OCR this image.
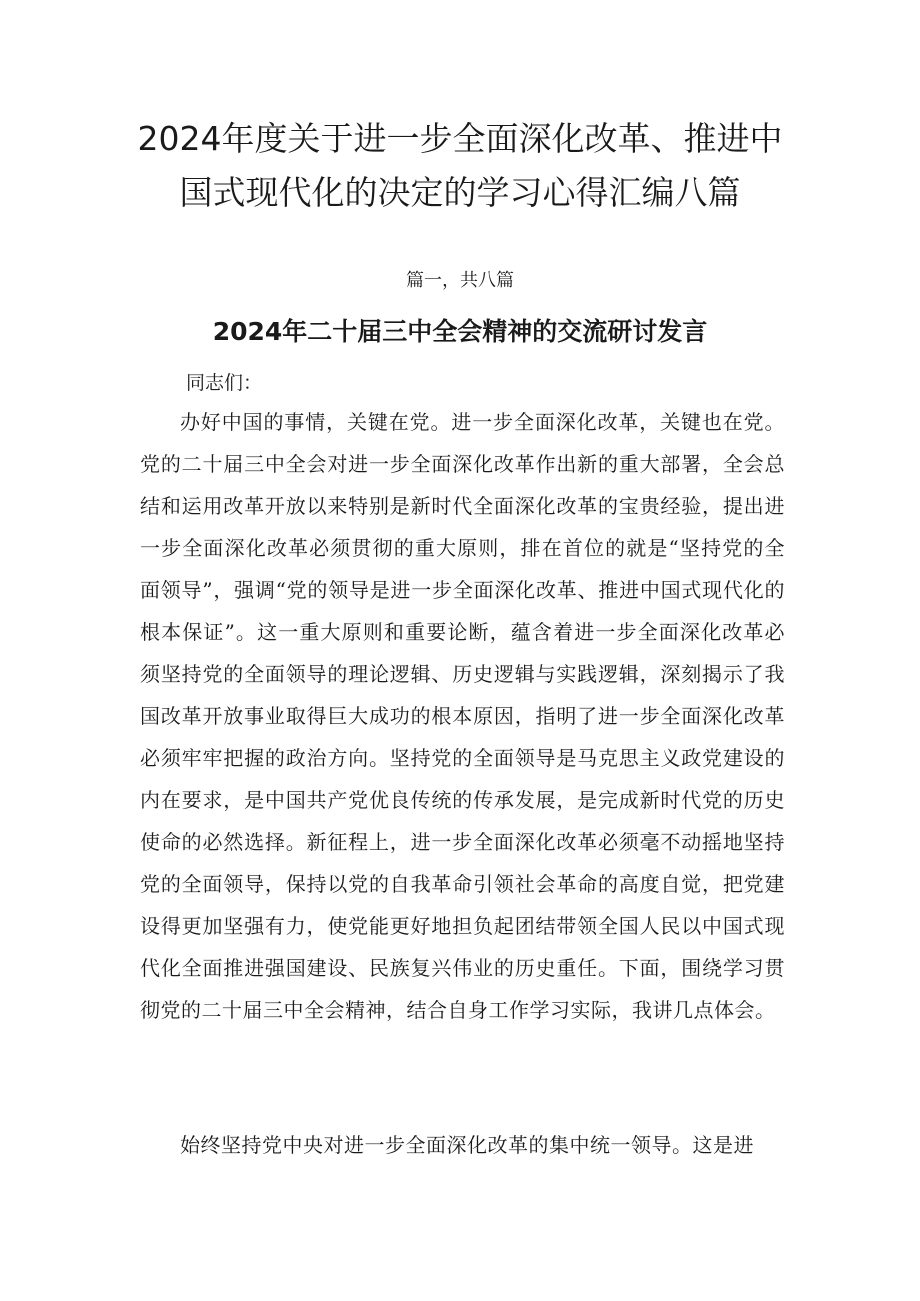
2024年度关于进一步全面深化改革、推进中
国式现代化的决定的学习心得汇编八篇
篇一，共八篇
2024年二十届三中全会精神的交流研讨发言
同志们：

办好中国的事情，关键在党。进一步全面深化改革，关键也在党。党的二十届三中全会对进一步全面深化改革作出新的重大部署，全会总结和运用改革开放以来特别是新时代全面深化改革的宝贵经验，提出进一步全面深化改革必须贯彻的重大原则，排在首位的就是“坚持党的全面领导”，强调“党的领导是进一步全面深化改革、推进中国式现代化的根本保证”。这一重大原则和重要论断，蕴含着进一步全面深化改革必须坚持党的全面领导的理论逻辑、历史逻辑与实践逻辑，深刻揭示了我国改革开放事业取得巨大成功的根本原因，指明了进一步全面深化改革必须牢牢把握的政治方向。坚持党的全面领导是马克思主义政党建设的内在要求，是中国共产党优良传统的传承发展，是完成新时代党的历史使命的必然选择。新征程上，进一步全面深化改革必须毫不动摇地坚持党的全面领导，保持以党的自我革命引领社会革命的高度自觉，把党建设得更加坚强有力，使党能更好地担负起团结带领全国人民以中国式现代化全面推进强国建设、民族复兴伟业的历史重任。下面，围绕学习贯彻党的二十届三中全会精神，结合自身工作学习实际，我讲几点体会。

始终坚持党中央对进一步全面深化改革的集中统一领导。这是进
